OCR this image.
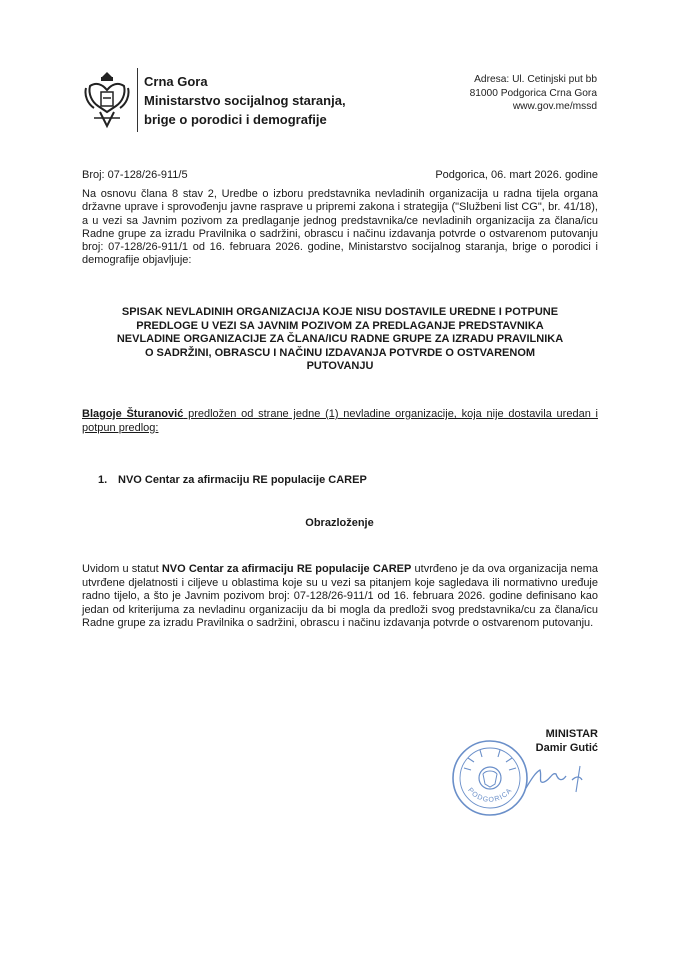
Crna Gora
Ministarstvo socijalnog staranja,
brige o porodici i demografije
Adresa: Ul. Cetinjski put bb
81000 Podgorica Crna Gora
www.gov.me/mssd
Broj: 07-128/26-911/5	Podgorica, 06. mart 2026. godine
Na osnovu člana 8 stav 2, Uredbe o izboru predstavnika nevladinih organizacija u radna tijela organa državne uprave i sprovođenju javne rasprave u pripremi zakona i strategija ("Službeni list CG", br. 41/18), a u vezi sa Javnim pozivom za predlaganje jednog predstavnika/ce nevladinih organizacija za člana/icu Radne grupe za izradu Pravilnika o sadržini, obrascu i načinu izdavanja potvrde o ostvarenom putovanju broj: 07-128/26-911/1 od 16. februara 2026. godine, Ministarstvo socijalnog staranja, brige o porodici i demografije objavljuje:
SPISAK NEVLADINIH ORGANIZACIJA KOJE NISU DOSTAVILE UREDNE I POTPUNE PREDLOGE U VEZI SA JAVNIM POZIVOM ZA PREDLAGANJE PREDSTAVNIKA NEVLADINE ORGANIZACIJE ZA ČLANA/ICU RADNE GRUPE ZA IZRADU PRAVILNIKA O SADRŽINI, OBRASCU I NAČINU IZDAVANJA POTVRDE O OSTVARENOM PUTOVANJU
Blagoje Šturanović predložen od strane jedne (1) nevladine organizacije, koja nije dostavila uredan i potpun predlog:
1. NVO Centar za afirmaciju RE populacije CAREP
Obrazloženje
Uvidom u statut NVO Centar za afirmaciju RE populacije CAREP utvrđeno je da ova organizacija nema utvrđene djelatnosti i ciljeve u oblastima koje su u vezi sa pitanjem koje sagledava ili normativno uređuje radno tijelo, a što je Javnim pozivom broj: 07-128/26-911/1 od 16. februara 2026. godine definisano kao jedan od kriterijuma za nevladinu organizaciju da bi mogla da predloži svog predstavnika/cu za člana/icu Radne grupe za izradu Pravilnika o sadržini, obrascu i načinu izdavanja potvrde o ostvarenom putovanju.
MINISTAR
Damir Gutić
PODGORICA
